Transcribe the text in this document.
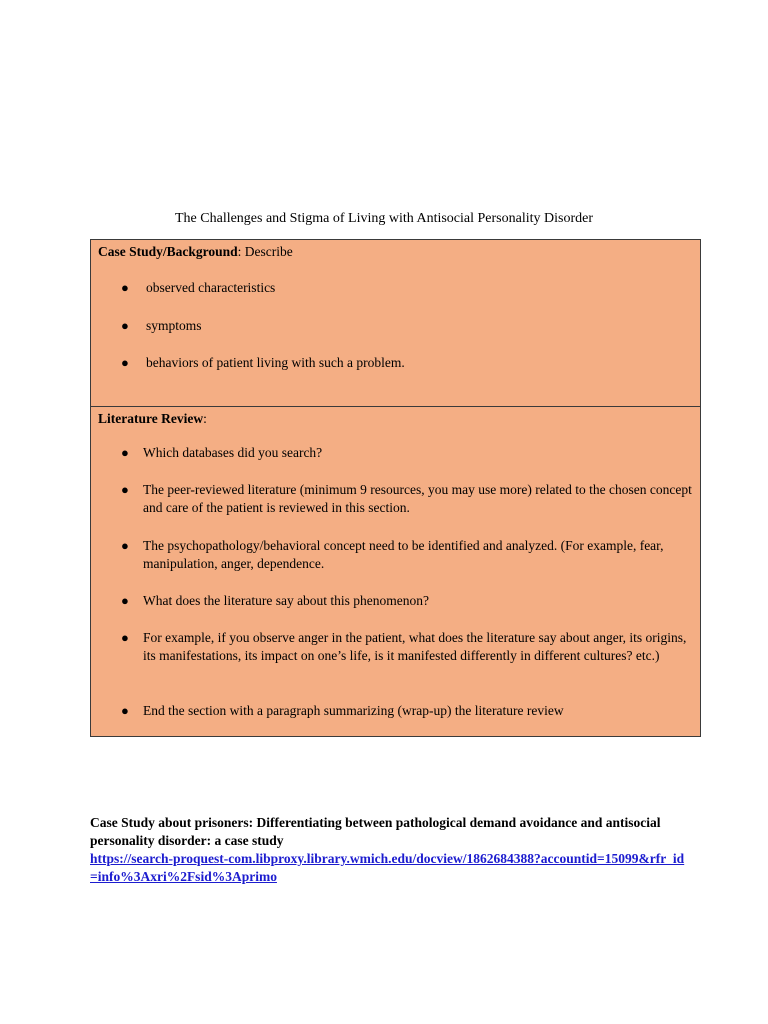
The Challenges and Stigma of Living with Antisocial Personality Disorder
Case Study/Background: Describe
● observed characteristics
● symptoms
● behaviors of patient living with such a problem.

Literature Review:
● Which databases did you search?
● The peer-reviewed literature (minimum 9 resources, you may use more) related to the chosen concept and care of the patient is reviewed in this section.
● The psychopathology/behavioral concept need to be identified and analyzed. (For example, fear, manipulation, anger, dependence.
● What does the literature say about this phenomenon?
● For example, if you observe anger in the patient, what does the literature say about anger, its origins, its manifestations, its impact on one’s life, is it manifested differently in different cultures? etc.)
● End the section with a paragraph summarizing (wrap-up) the literature review
Case Study about prisoners: Differentiating between pathological demand avoidance and antisocial personality disorder: a case study
https://search-proquest-com.libproxy.library.wmich.edu/docview/1862684388?accountid=15099&rfr_id=info%3Axri%2Fsid%3Aprimo
